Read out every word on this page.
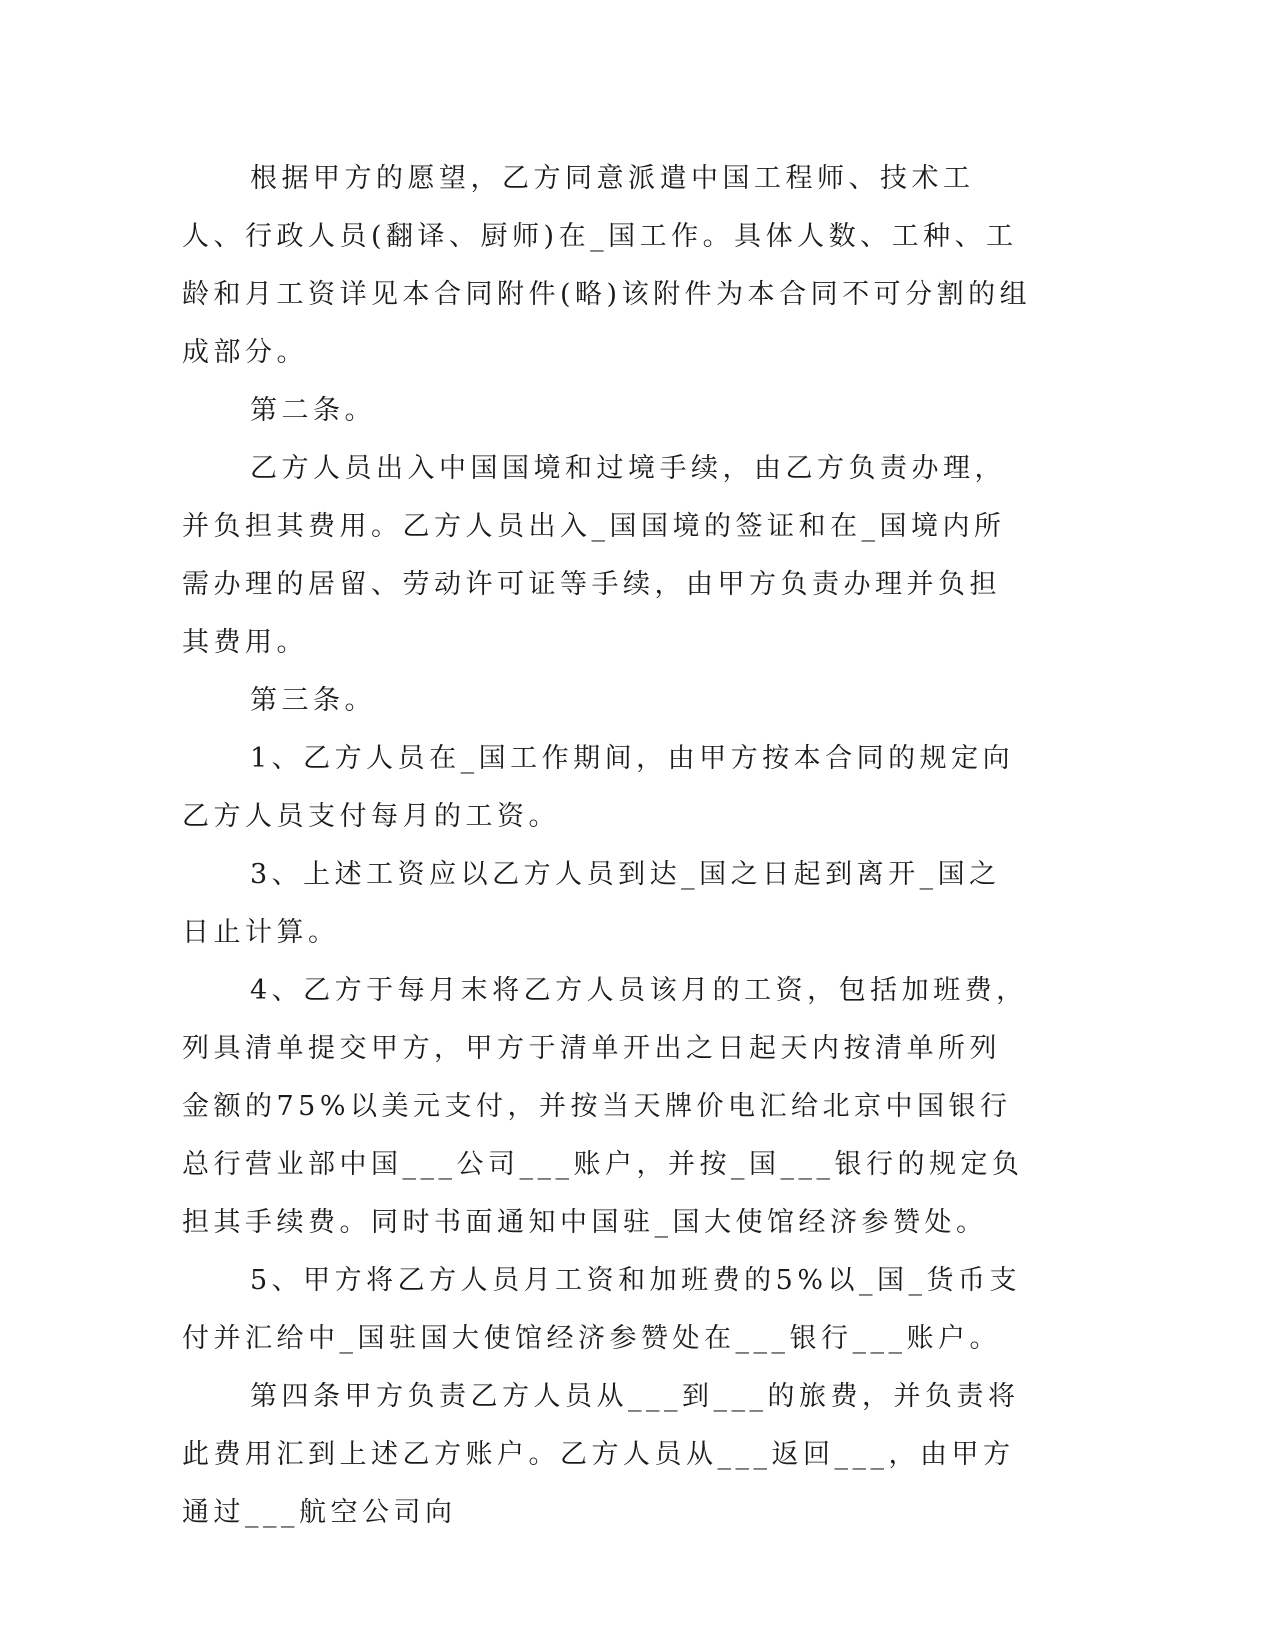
根据甲方的愿望，乙方同意派遣中国工程师、技术工人、行政人员(翻译、厨师)在_国工作。具体人数、工种、工龄和月工资详见本合同附件(略)该附件为本合同不可分割的组成部分。

第二条。

乙方人员出入中国国境和过境手续，由乙方负责办理，并负担其费用。乙方人员出入_国国境的签证和在_国境内所需办理的居留、劳动许可证等手续，由甲方负责办理并负担其费用。

第三条。

1、乙方人员在_国工作期间，由甲方按本合同的规定向乙方人员支付每月的工资。

3、上述工资应以乙方人员到达_国之日起到离开_国之日止计算。

4、乙方于每月末将乙方人员该月的工资，包括加班费，列具清单提交甲方，甲方于清单开出之日起天内按清单所列金额的75%以美元支付，并按当天牌价电汇给北京中国银行总行营业部中国___公司___账户，并按_国___银行的规定负担其手续费。同时书面通知中国驻_国大使馆经济参赞处。

5、甲方将乙方人员月工资和加班费的5%以_国_货币支付并汇给中_国驻国大使馆经济参赞处在___银行___账户。

第四条甲方负责乙方人员从___到___的旅费，并负责将此费用汇到上述乙方账户。乙方人员从___返回___，由甲方通过___航空公司向
